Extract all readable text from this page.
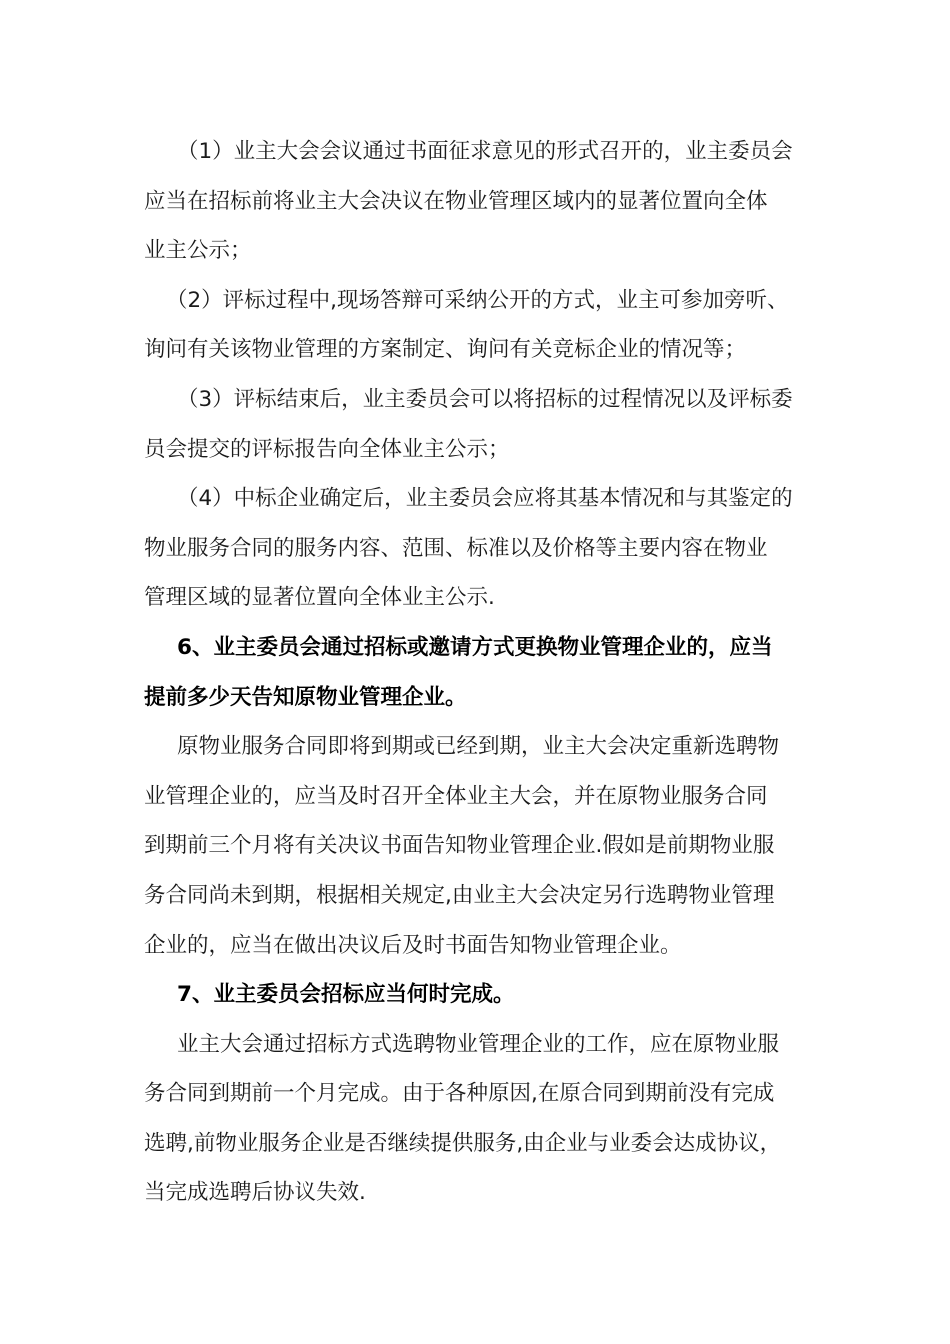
（1）业主大会会议通过书面征求意见的形式召开的，业主委员会
应当在招标前将业主大会决议在物业管理区域内的显著位置向全体
业主公示；

（2）评标过程中,现场答辩可采纳公开的方式，业主可参加旁听、
询问有关该物业管理的方案制定、询问有关竞标企业的情况等；

（3）评标结束后，业主委员会可以将招标的过程情况以及评标委
员会提交的评标报告向全体业主公示；

（4）中标企业确定后，业主委员会应将其基本情况和与其鉴定的
物业服务合同的服务内容、范围、标准以及价格等主要内容在物业
管理区域的显著位置向全体业主公示.

6、业主委员会通过招标或邀请方式更换物业管理企业的，应当
提前多少天告知原物业管理企业。

原物业服务合同即将到期或已经到期，业主大会决定重新选聘物
业管理企业的，应当及时召开全体业主大会，并在原物业服务合同
到期前三个月将有关决议书面告知物业管理企业.假如是前期物业服
务合同尚未到期，根据相关规定,由业主大会决定另行选聘物业管理
企业的，应当在做出决议后及时书面告知物业管理企业。

7、业主委员会招标应当何时完成。

业主大会通过招标方式选聘物业管理企业的工作，应在原物业服
务合同到期前一个月完成。由于各种原因,在原合同到期前没有完成
选聘,前物业服务企业是否继续提供服务,由企业与业委会达成协议，
当完成选聘后协议失效.
